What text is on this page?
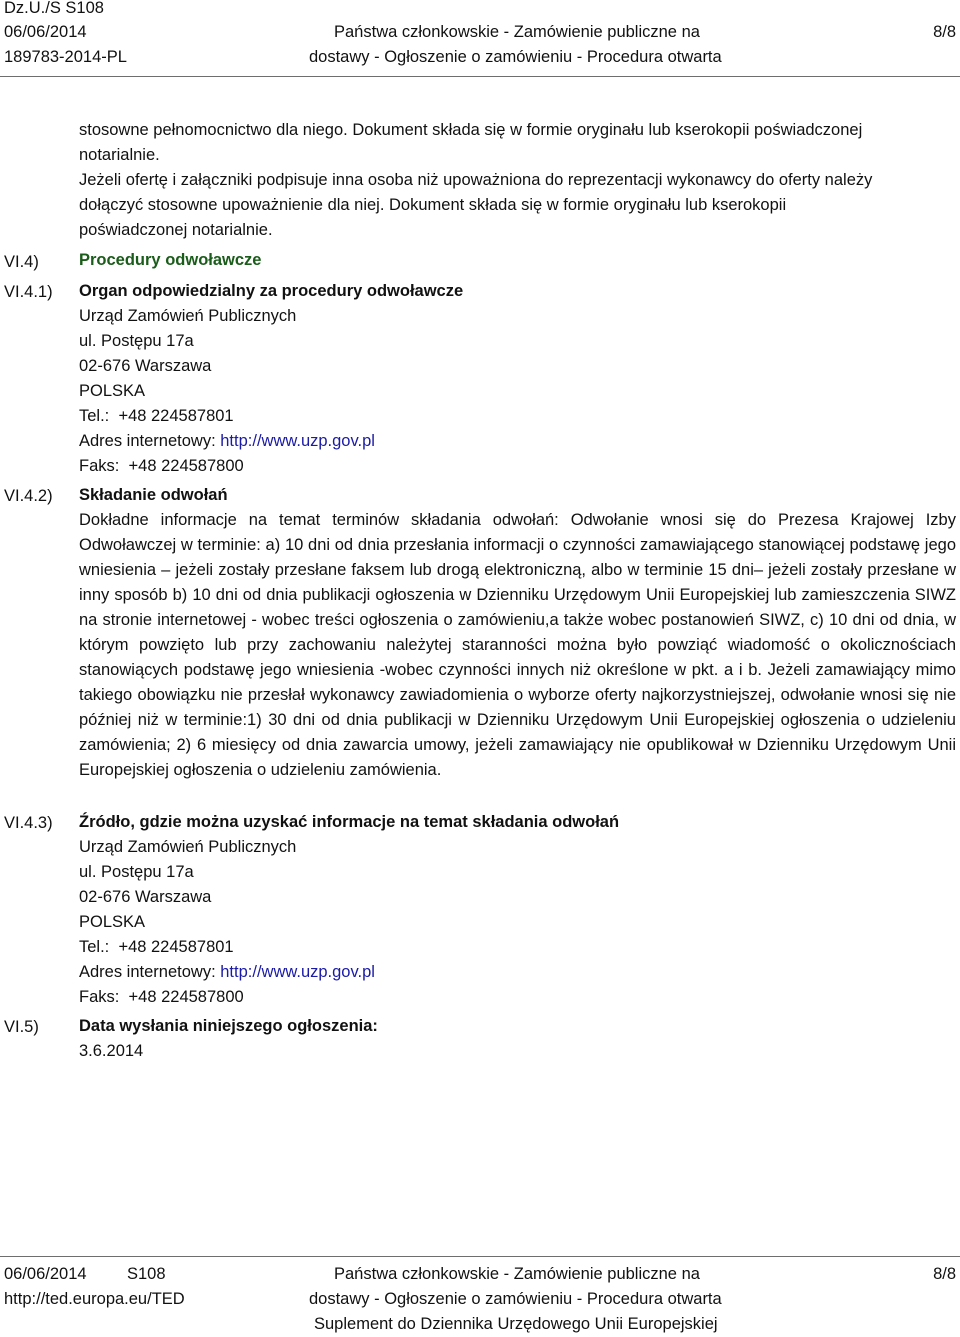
Dz.U./S S108
06/06/2014
189783-2014-PL
Państwa członkowskie - Zamówienie publiczne na
dostawy - Ogłoszenie o zamówieniu - Procedura otwarta
8/8
VI.4)
VI.4.1)
VI.4.2)
VI.4.3)
VI.5)

stosowne pełnomocnictwo dla niego. Dokument składa się w formie oryginału lub kserokopii poświadczonej

notarialnie.

Jeżeli ofertę i załączniki podpisuje inna osoba niż upoważniona do reprezentacji wykonawcy do oferty należy dołączyć stosowne upoważnienie dla niej. Dokument składa się w formie oryginału lub kserokopii poświadczonej notarialnie.

Procedury odwoławcze

Organ odpowiedzialny za procedury odwoławcze

Urząd Zamówień Publicznych

ul. Postępu 17a

02-676 Warszawa

POLSKA

Tel.: +48 224587801

Adres internetowy: http://www.uzp.gov.pl

Faks: +48 224587800

Składanie odwołań

Dokładne informacje na temat terminów składania odwołań: Odwołanie wnosi się do Prezesa Krajowej Izby Odwoławczej w terminie: a) 10 dni od dnia przesłania informacji o czynności zamawiającego stanowiącej podstawę jego wniesienia – jeżeli zostały przesłane faksem lub drogą elektroniczną, albo w terminie 15 dni– jeżeli zostały przesłane w inny sposób b) 10 dni od dnia publikacji ogłoszenia w Dzienniku Urzędowym Unii Europejskiej lub zamieszczenia SIWZ na stronie internetowej - wobec treści ogłoszenia o zamówieniu,a także wobec postanowień SIWZ, c) 10 dni od dnia, w którym powzięto lub przy zachowaniu należytej staranności można było powziąć wiadomość o okolicznościach stanowiących podstawę jego wniesienia -wobec czynności innych niż określone w pkt. a i b. Jeżeli zamawiający mimo takiego obowiązku nie przesłał wykonawcy zawiadomienia o wyborze oferty najkorzystniejszej, odwołanie wnosi się nie później niż w terminie:1) 30 dni od dnia publikacji w Dzienniku Urzędowym Unii Europejskiej ogłoszenia o udzieleniu zamówienia; 2) 6 miesięcy od dnia zawarcia umowy, jeżeli zamawiający nie opublikował w Dzienniku Urzędowym Unii Europejskiej ogłoszenia o udzieleniu zamówienia.

Źródło, gdzie można uzyskać informacje na temat składania odwołań

Urząd Zamówień Publicznych

ul. Postępu 17a

02-676 Warszawa

POLSKA

Tel.: +48 224587801

Adres internetowy: http://www.uzp.gov.pl

Faks: +48 224587800

Data wysłania niniejszego ogłoszenia:

3.6.2014

06/06/2014 S108
http://ted.europa.eu/TED
Państwa członkowskie - Zamówienie publiczne na
dostawy - Ogłoszenie o zamówieniu - Procedura otwarta
Suplement do Dziennika Urzędowego Unii Europejskiej
8/8
